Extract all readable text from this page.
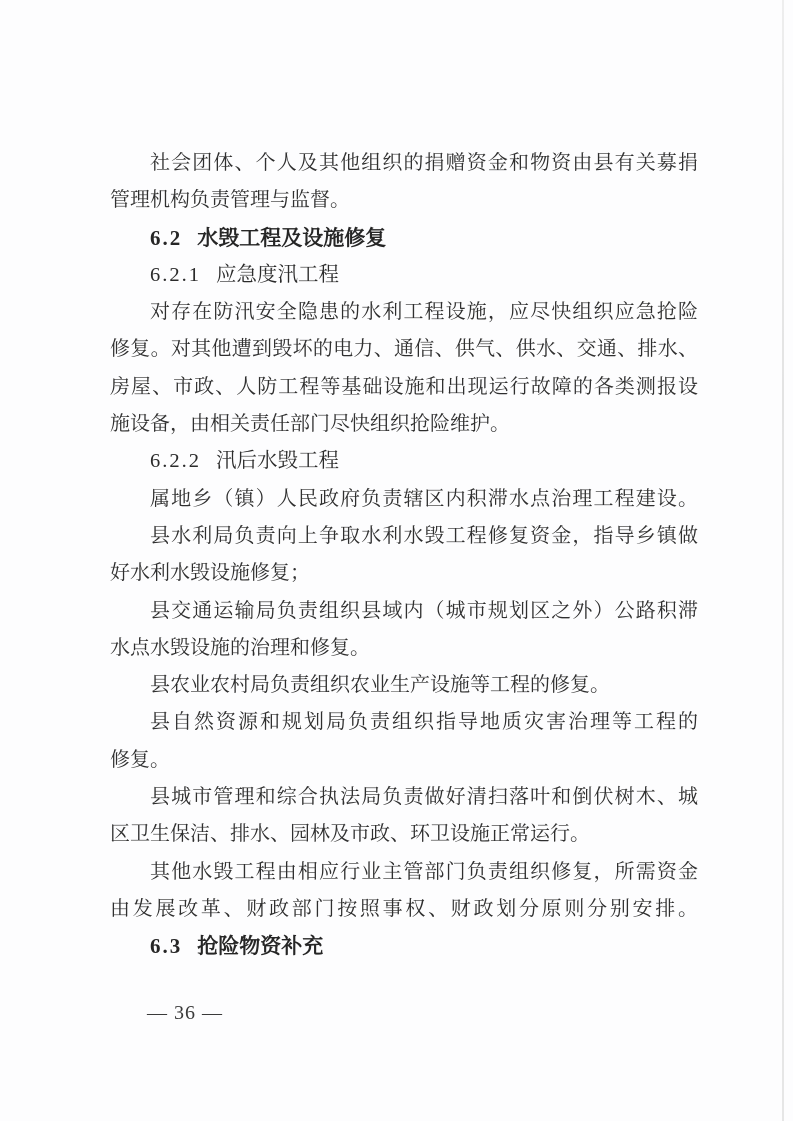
社会团体、个人及其他组织的捐赠资金和物资由县有关募捐
管理机构负责管理与监督。
6.2 水毁工程及设施修复
6.2.1 应急度汛工程
对存在防汛安全隐患的水利工程设施，应尽快组织应急抢险
修复。对其他遭到毁坏的电力、通信、供气、供水、交通、排水、
房屋、市政、人防工程等基础设施和出现运行故障的各类测报设
施设备，由相关责任部门尽快组织抢险维护。
6.2.2 汛后水毁工程
属地乡（镇）人民政府负责辖区内积滞水点治理工程建设。
县水利局负责向上争取水利水毁工程修复资金，指导乡镇做
好水利水毁设施修复；
县交通运输局负责组织县域内（城市规划区之外）公路积滞
水点水毁设施的治理和修复。
县农业农村局负责组织农业生产设施等工程的修复。
县自然资源和规划局负责组织指导地质灾害治理等工程的
修复。
县城市管理和综合执法局负责做好清扫落叶和倒伏树木、城
区卫生保洁、排水、园林及市政、环卫设施正常运行。
其他水毁工程由相应行业主管部门负责组织修复，所需资金
由发展改革、财政部门按照事权、财政划分原则分别安排。
6.3 抢险物资补充
— 36 —
